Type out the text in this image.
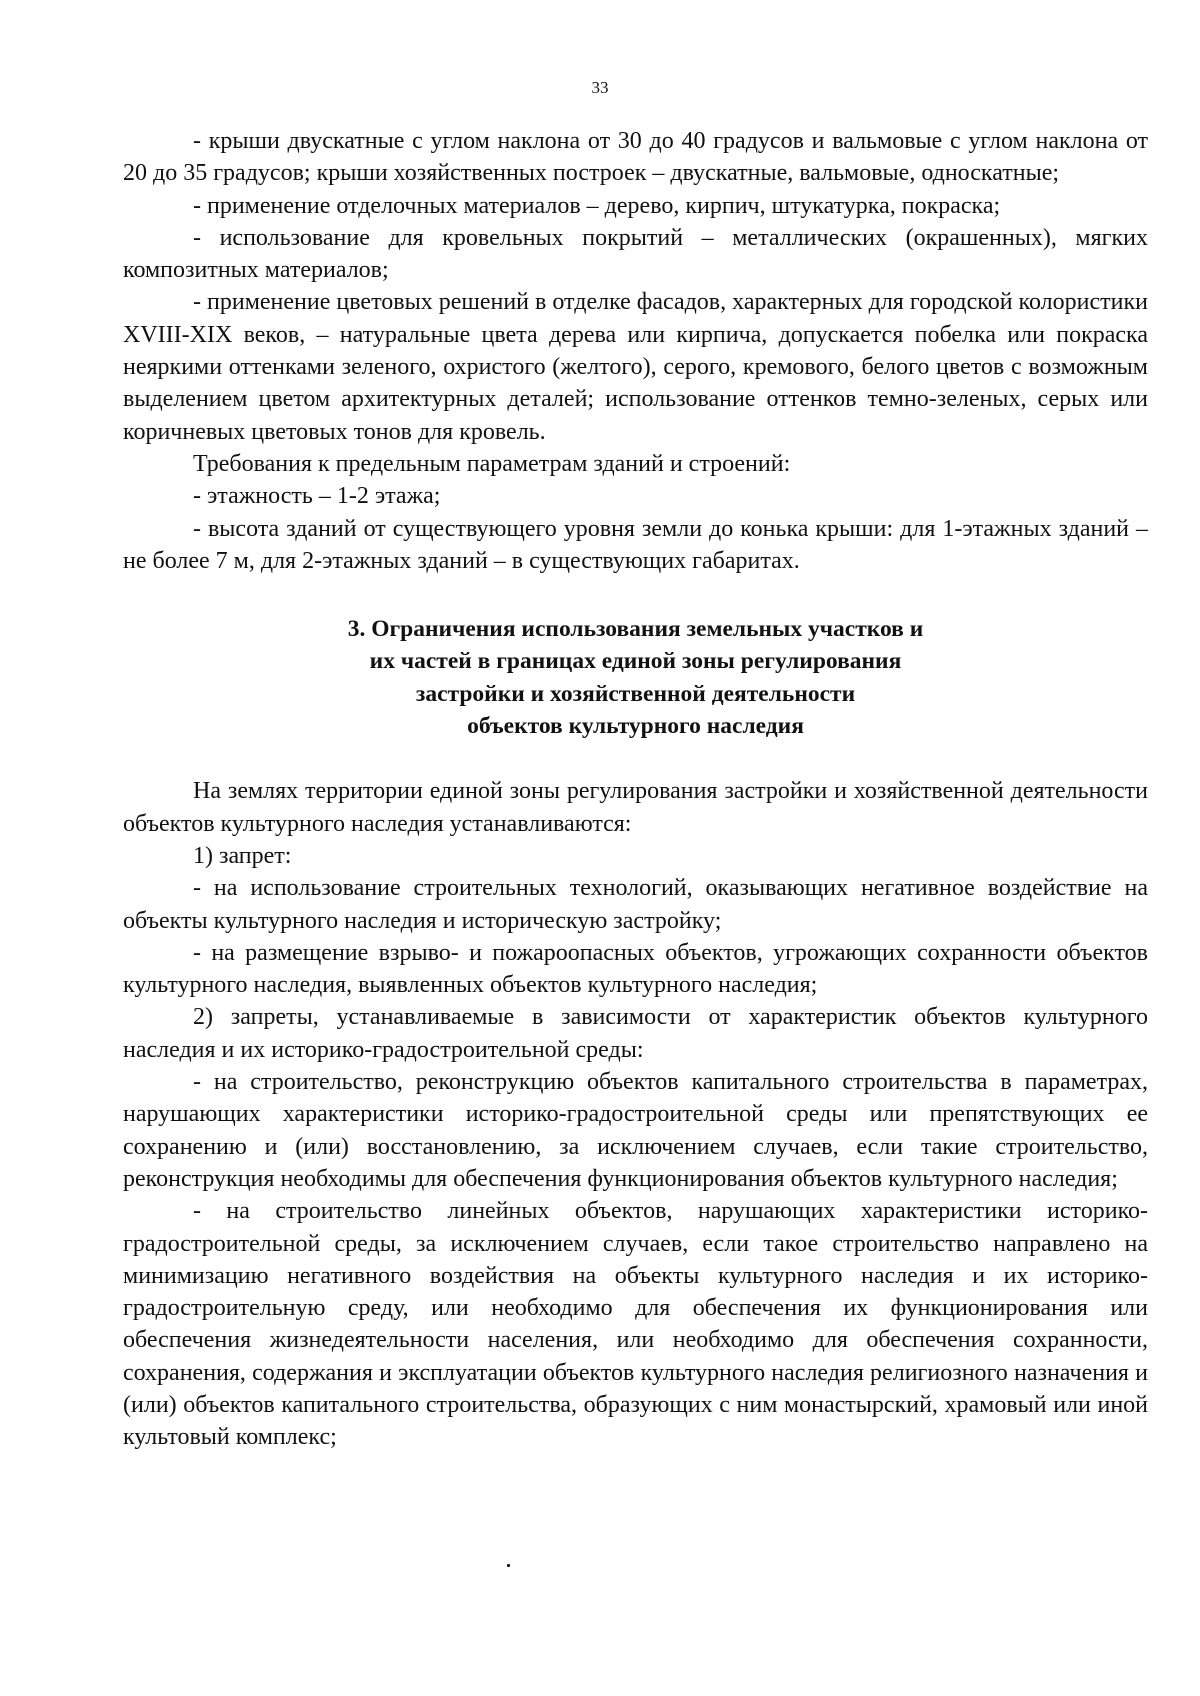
33

- крыши двускатные с углом наклона от 30 до 40 градусов и вальмовые с углом наклона от 20 до 35 градусов; крыши хозяйственных построек – двускатные, вальмовые, односкатные;

- применение отделочных материалов – дерево, кирпич, штукатурка, покраска;

- использование для кровельных покрытий – металлических (окрашенных), мягких композитных материалов;

- применение цветовых решений в отделке фасадов, характерных для городской колористики XVIII-XIX веков, – натуральные цвета дерева или кирпича, допускается побелка или покраска неяркими оттенками зеленого, охристого (желтого), серого, кремового, белого цветов с возможным выделением цветом архитектурных деталей; использование оттенков темно-зеленых, серых или коричневых цветовых тонов для кровель.

Требования к предельным параметрам зданий и строений:

- этажность – 1-2 этажа;

- высота зданий от существующего уровня земли до конька крыши: для 1-этажных зданий – не более 7 м, для 2-этажных зданий – в существующих габаритах.

3. Ограничения использования земельных участков и
их частей в границах единой зоны регулирования
застройки и хозяйственной деятельности
объектов культурного наследия

На землях территории единой зоны регулирования застройки и хозяйственной деятельности объектов культурного наследия устанавливаются:

1) запрет:

- на использование строительных технологий, оказывающих негативное воздействие на объекты культурного наследия и историческую застройку;

- на размещение взрыво- и пожароопасных объектов, угрожающих сохранности объектов культурного наследия, выявленных объектов культурного наследия;

2) запреты, устанавливаемые в зависимости от характеристик объектов культурного наследия и их историко-градостроительной среды:

- на строительство, реконструкцию объектов капитального строительства в параметрах, нарушающих характеристики историко-градостроительной среды или препятствующих ее сохранению и (или) восстановлению, за исключением случаев, если такие строительство, реконструкция необходимы для обеспечения функционирования объектов культурного наследия;

- на строительство линейных объектов, нарушающих характеристики историко-градостроительной среды, за исключением случаев, если такое строительство направлено на минимизацию негативного воздействия на объекты культурного наследия и их историко-градостроительную среду, или необходимо для обеспечения их функционирования или обеспечения жизнедеятельности населения, или необходимо для обеспечения сохранности, сохранения, содержания и эксплуатации объектов культурного наследия религиозного назначения и (или) объектов капитального строительства, образующих с ним монастырский, храмовый или иной культовый комплекс;
